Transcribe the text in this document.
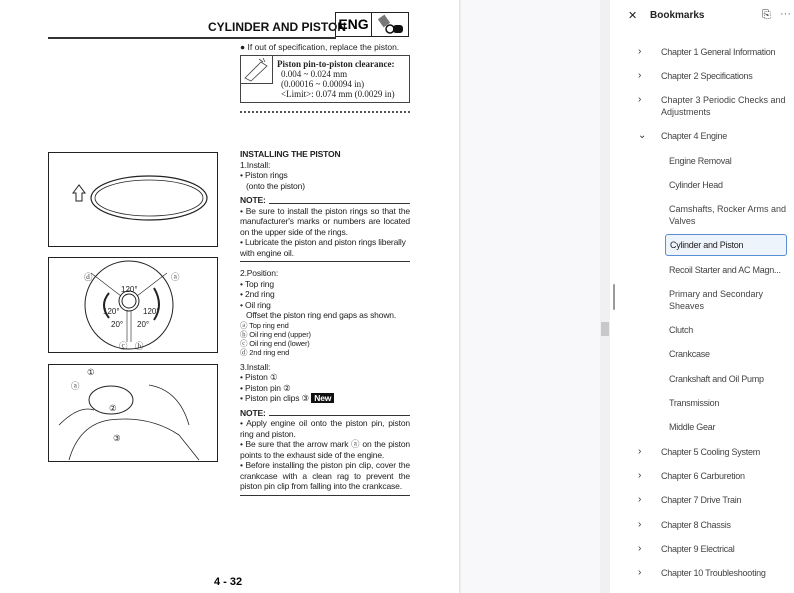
CYLINDER AND PISTON
ENG
● If out of specification, replace the piston.
Piston pin-to-piston clearance:
0.004 ~ 0.024 mm
(0.00016 ~ 0.00094 in)
<Limit>: 0.074 mm (0.0029 in)
120°
120°	120°
20° 20°
ⓓ	ⓐ
ⓒ ⓑ
①
②
③
ⓐ
INSTALLING THE PISTON
1.Install:
• Piston rings
(onto the piston)
NOTE:
• Be sure to install the piston rings so that the manufacturer's marks or numbers are located on the upper side of the rings.
• Lubricate the piston and piston rings liberally with engine oil.
2.Position:
• Top ring
• 2nd ring
• Oil ring
Offset the piston ring end gaps as shown.
ⓐ Top ring end
ⓑ Oil ring end (upper)
ⓒ Oil ring end (lower)
ⓓ 2nd ring end
3.Install:
• Piston ①
• Piston pin ②
• Piston pin clips ③ New
NOTE:
• Apply engine oil onto the piston pin, piston ring and piston.
• Be sure that the arrow mark ⓐ on the piston points to the exhaust side of the engine.
• Before installing the piston pin clip, cover the crankcase with a clean rag to prevent the piston pin clip from falling into the crankcase.
4 - 32
✕ Bookmarks	⎘ ···
› Chapter 1 General Information
› Chapter 2 Specifications
› Chapter 3 Periodic Checks and Adjustments
⌄ Chapter 4 Engine
Engine Removal
Cylinder Head
Camshafts, Rocker Arms and Valves
Cylinder and Piston
Recoil Starter and AC Magn...
Primary and Secondary Sheaves
Clutch
Crankcase
Crankshaft and Oil Pump
Transmission
Middle Gear
› Chapter 5 Cooling System
› Chapter 6 Carburetion
› Chapter 7 Drive Train
› Chapter 8 Chassis
› Chapter 9 Electrical
› Chapter 10 Troubleshooting
